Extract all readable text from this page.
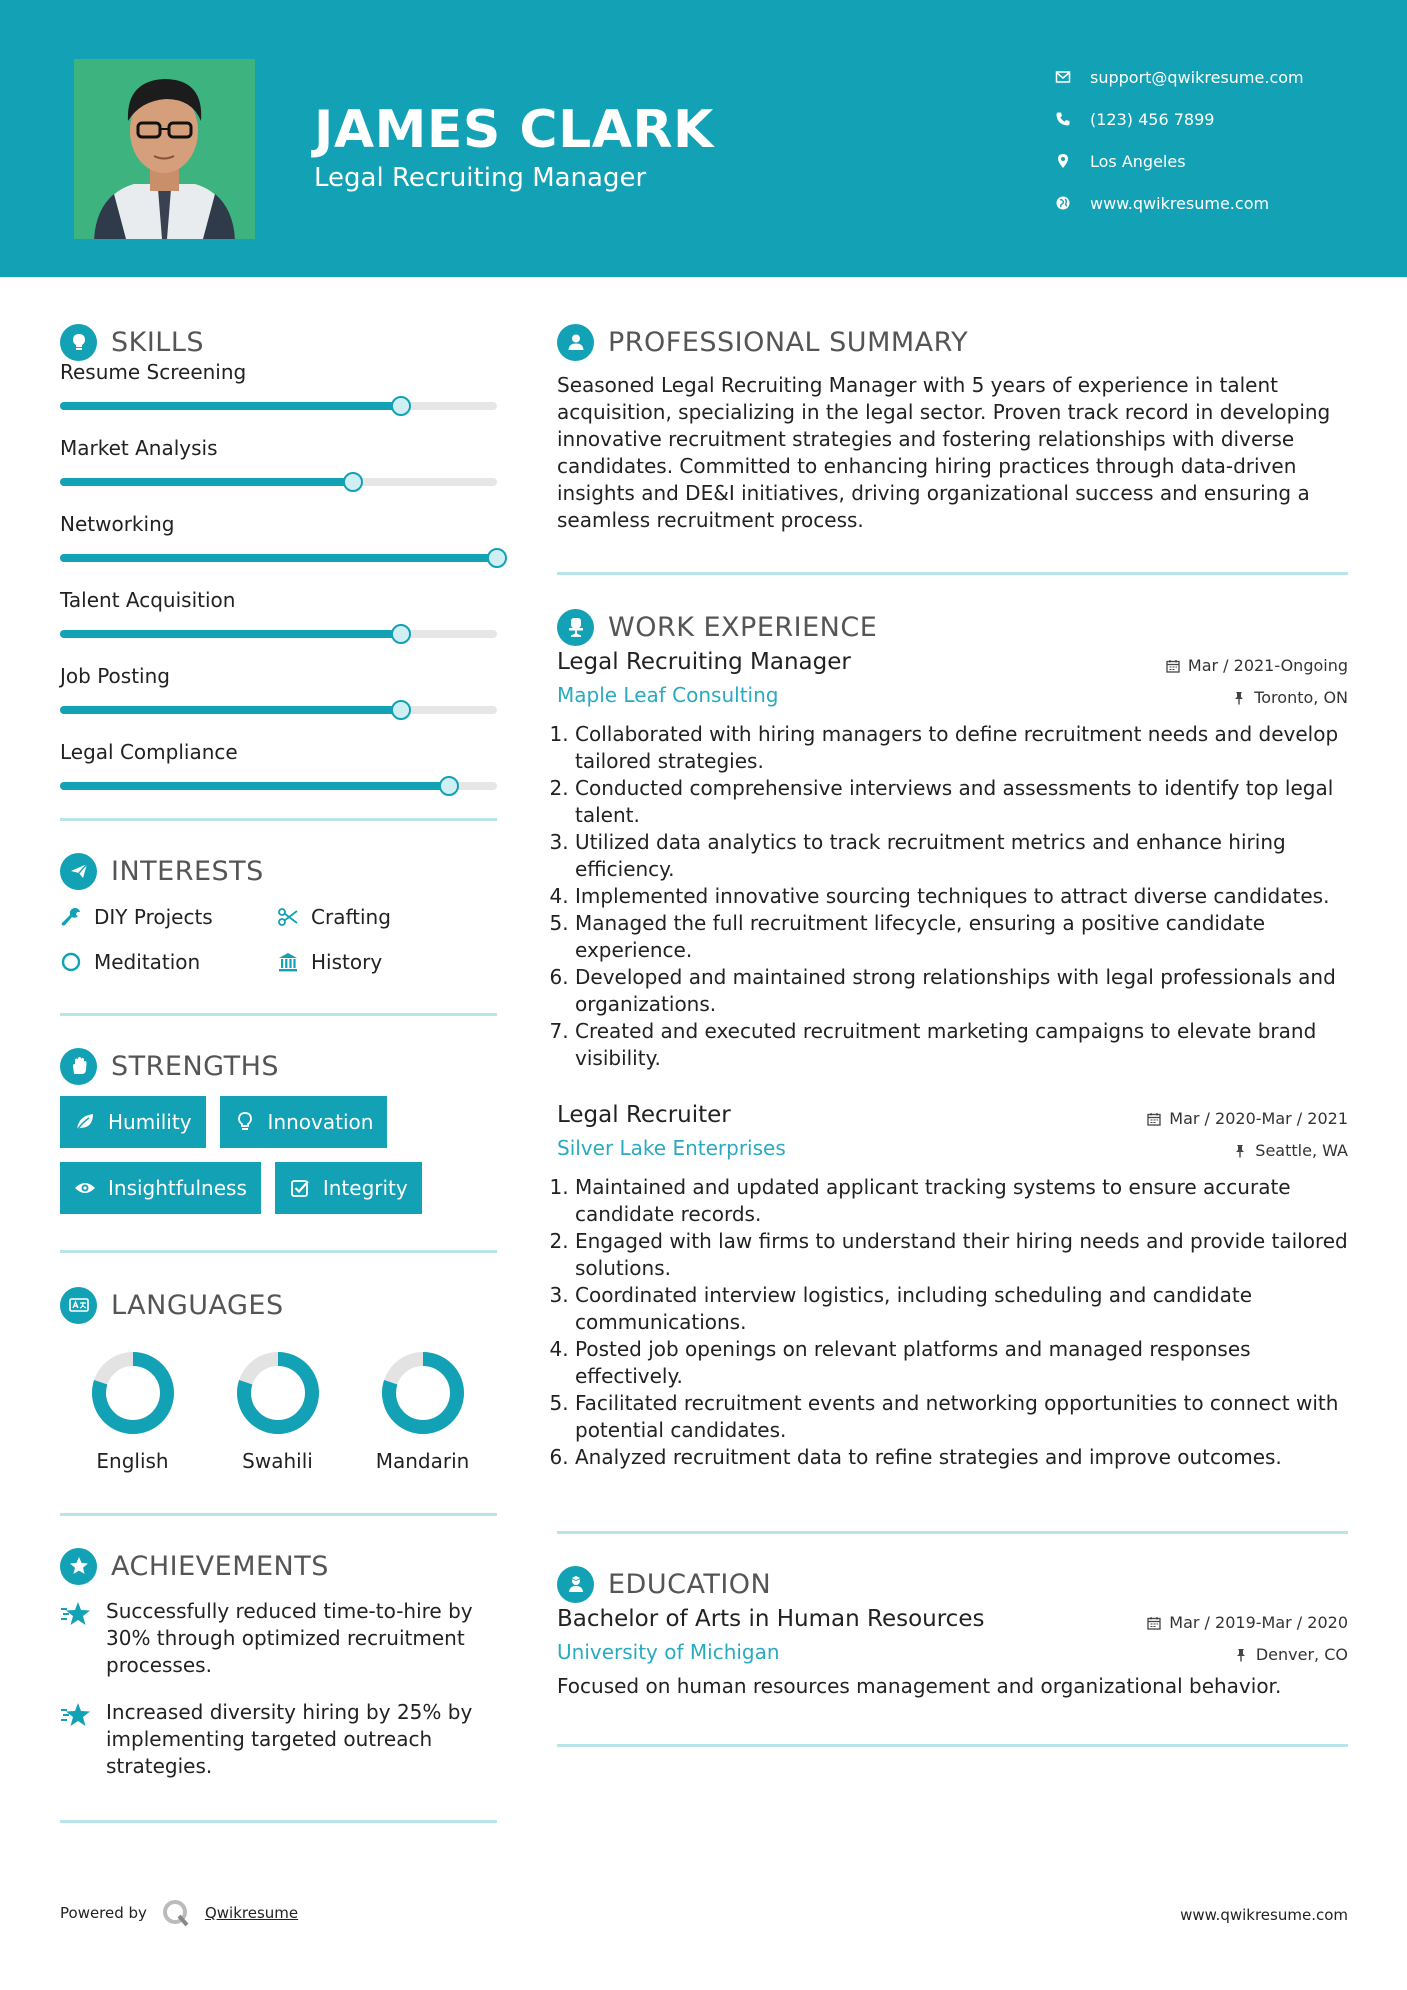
JAMES CLARK
Legal Recruiting Manager
support@qwikresume.com
(123) 456 7899
Los Angeles
www.qwikresume.com
SKILLS
Resume Screening
Market Analysis
Networking
Talent Acquisition
Job Posting
Legal Compliance
INTERESTS
DIY Projects	Crafting
Meditation	History
STRENGTHS
Humility	Innovation
Insightfulness	Integrity
LANGUAGES
English	Swahili	Mandarin
ACHIEVEMENTS
Successfully reduced time-to-hire by 30% through optimized recruitment processes.
Increased diversity hiring by 25% by implementing targeted outreach strategies.
PROFESSIONAL SUMMARY
Seasoned Legal Recruiting Manager with 5 years of experience in talent acquisition, specializing in the legal sector. Proven track record in developing innovative recruitment strategies and fostering relationships with diverse candidates. Committed to enhancing hiring practices through data-driven insights and DE&I initiatives, driving organizational success and ensuring a seamless recruitment process.
WORK EXPERIENCE
Legal Recruiting Manager	Mar / 2021-Ongoing
Maple Leaf Consulting	Toronto, ON
1. Collaborated with hiring managers to define recruitment needs and develop tailored strategies.
2. Conducted comprehensive interviews and assessments to identify top legal talent.
3. Utilized data analytics to track recruitment metrics and enhance hiring efficiency.
4. Implemented innovative sourcing techniques to attract diverse candidates.
5. Managed the full recruitment lifecycle, ensuring a positive candidate experience.
6. Developed and maintained strong relationships with legal professionals and organizations.
7. Created and executed recruitment marketing campaigns to elevate brand visibility.
Legal Recruiter	Mar / 2020-Mar / 2021
Silver Lake Enterprises	Seattle, WA
1. Maintained and updated applicant tracking systems to ensure accurate candidate records.
2. Engaged with law firms to understand their hiring needs and provide tailored solutions.
3. Coordinated interview logistics, including scheduling and candidate communications.
4. Posted job openings on relevant platforms and managed responses effectively.
5. Facilitated recruitment events and networking opportunities to connect with potential candidates.
6. Analyzed recruitment data to refine strategies and improve outcomes.
EDUCATION
Bachelor of Arts in Human Resources	Mar / 2019-Mar / 2020
University of Michigan	Denver, CO
Focused on human resources management and organizational behavior.
Powered by	Qwikresume	www.qwikresume.com
